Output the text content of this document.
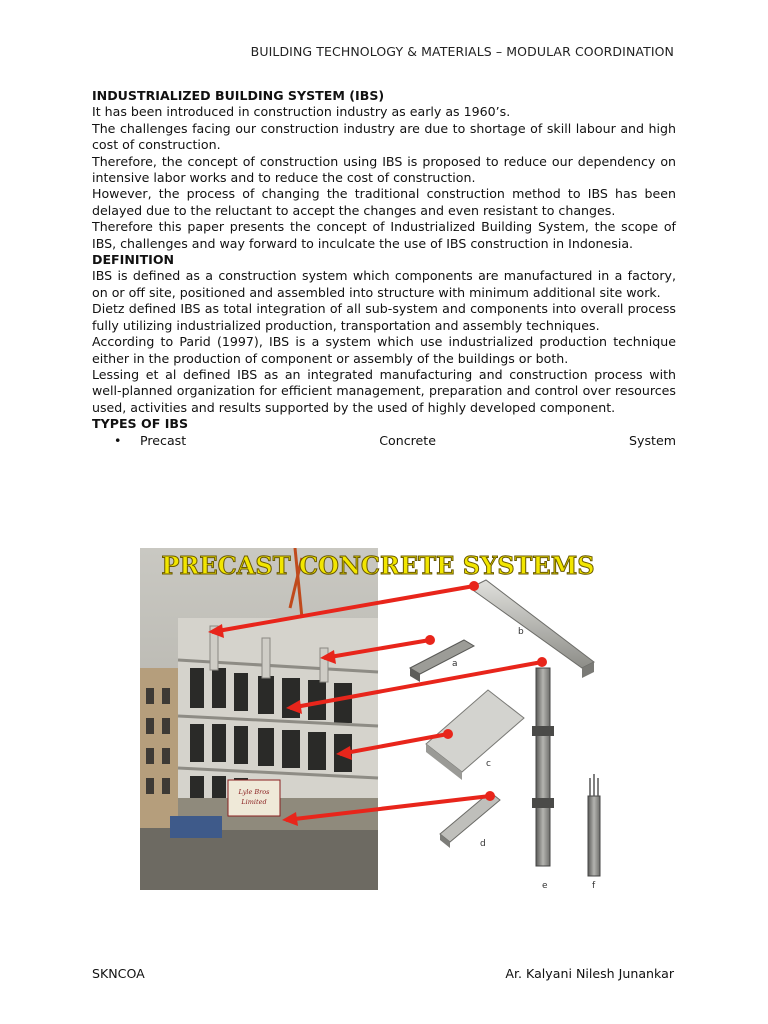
BUILDING TECHNOLOGY & MATERIALS – MODULAR COORDINATION
INDUSTRIALIZED BUILDING SYSTEM (IBS)

It has been introduced in construction industry as early as 1960’s.

The challenges facing our construction industry are due to shortage of skill labour and high cost of construction.

Therefore, the concept of construction using IBS is proposed to reduce our dependency on intensive labor works and to reduce the cost of construction.

However, the process of changing the traditional construction method to IBS has been delayed due to the reluctant to accept the changes and even resistant to changes.

Therefore this paper presents the concept of Industrialized Building System, the scope of IBS, challenges and way forward to inculcate the use of IBS construction in Indonesia.

DEFINITION

IBS is defined as a construction system which components are manufactured in a factory, on or off site, positioned and assembled into structure with minimum additional site work.

Dietz defined IBS as total integration of all sub-system and components into overall process fully utilizing industrialized production, transportation and assembly techniques.

According to Parid (1997), IBS is a system which use industrialized production technique either in the production of component or assembly of the buildings or both.

Lessing et al defined IBS as an integrated manufacturing and construction process with well-planned organization for efficient management, preparation and control over resources used, activities and results supported by the used of highly developed component.

TYPES OF IBS
•	Precast	Concrete	System
Lyle Bros
Limited
b
a
c
d
e	f
PRECAST CONCRETE SYSTEMS
SKNCOA	Ar. Kalyani Nilesh Junankar
